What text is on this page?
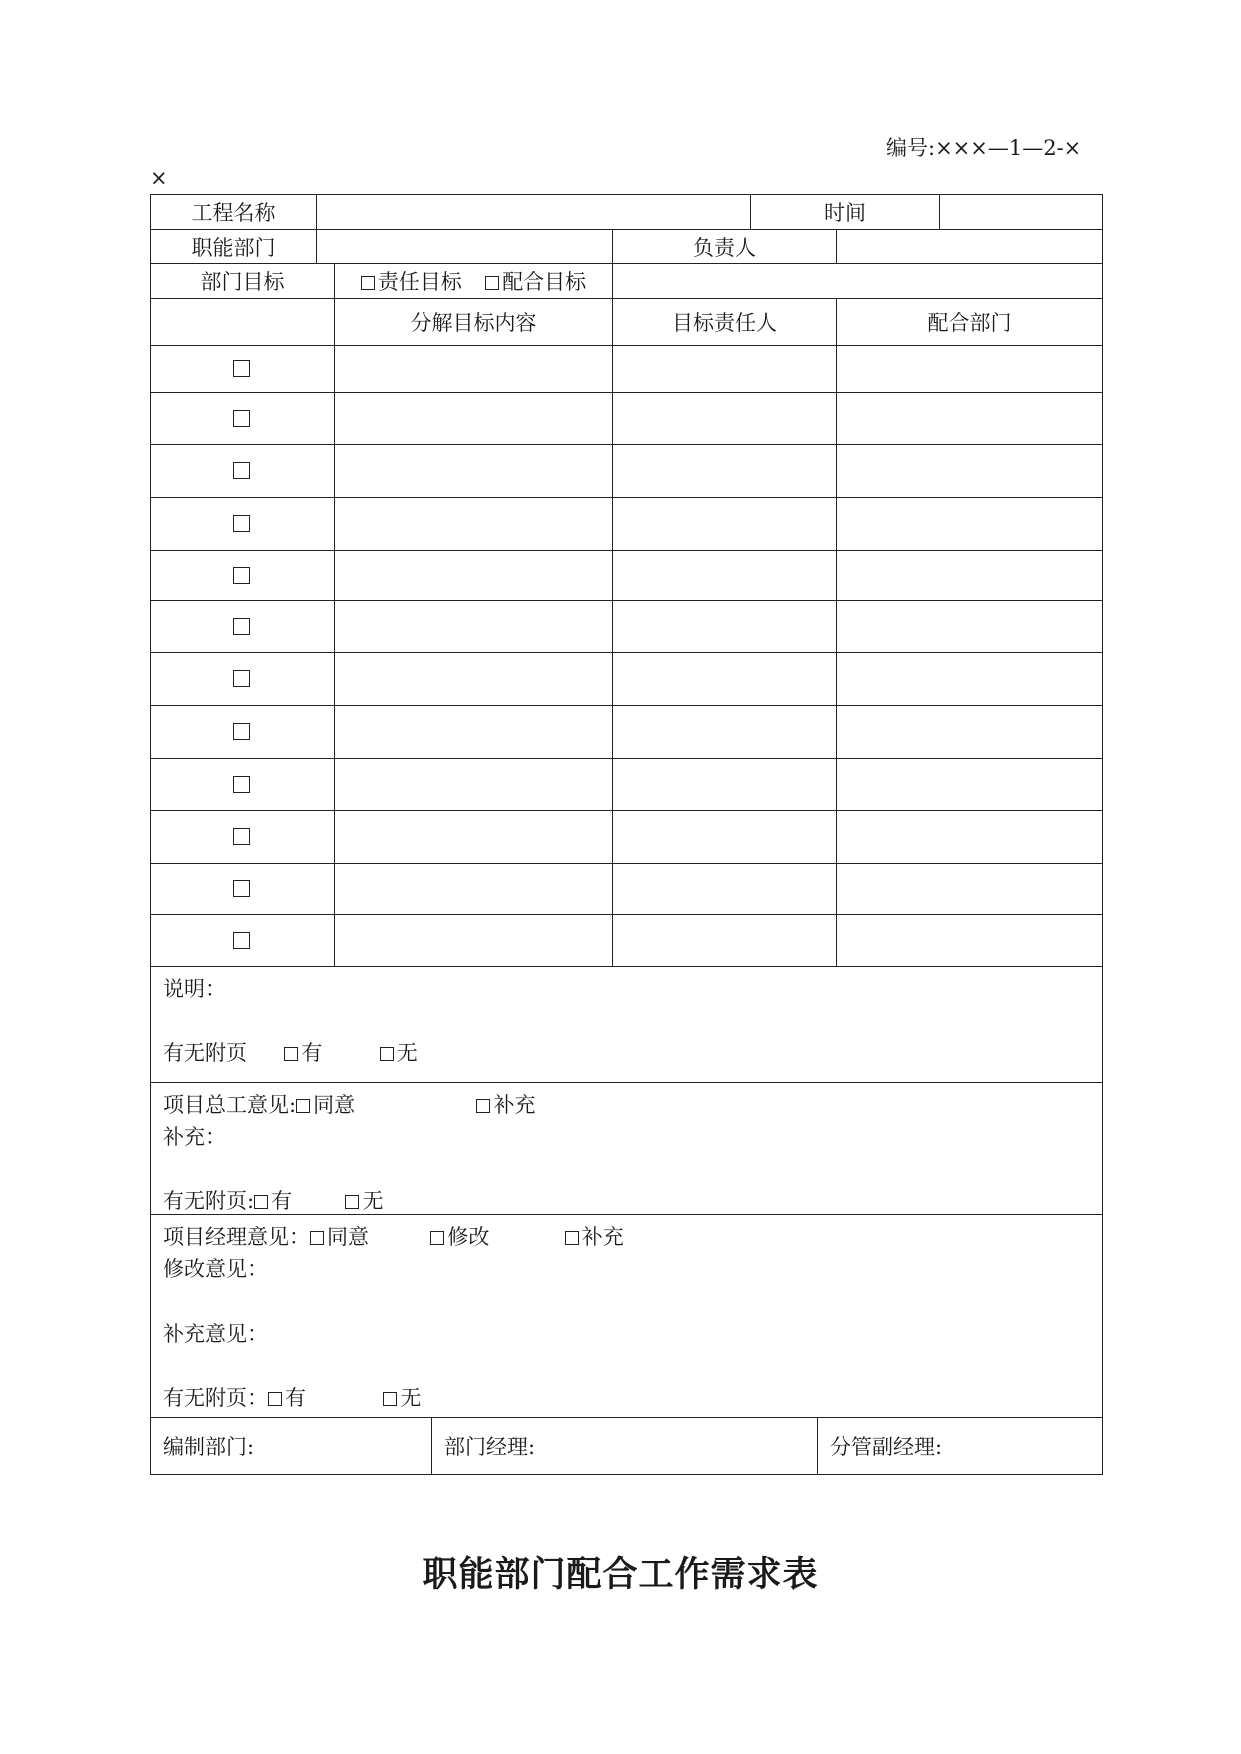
编号:×××—1—2-×
×
工程名称				时间		
职能部门			负责人			
部门目标		责任目标 配合目标				
		分解目标内容	目标责任人		配合部门	

说明：
有无附页 有 无						

项目总工意见: 同意 补充
补充：
有无附页: 有 无						

项目经理意见： 同意 修改 补充
修改意见：
补充意见：
有无附页： 有 无						

编制部门: 部门经理: 分管副经理:						
职能部门配合工作需求表
